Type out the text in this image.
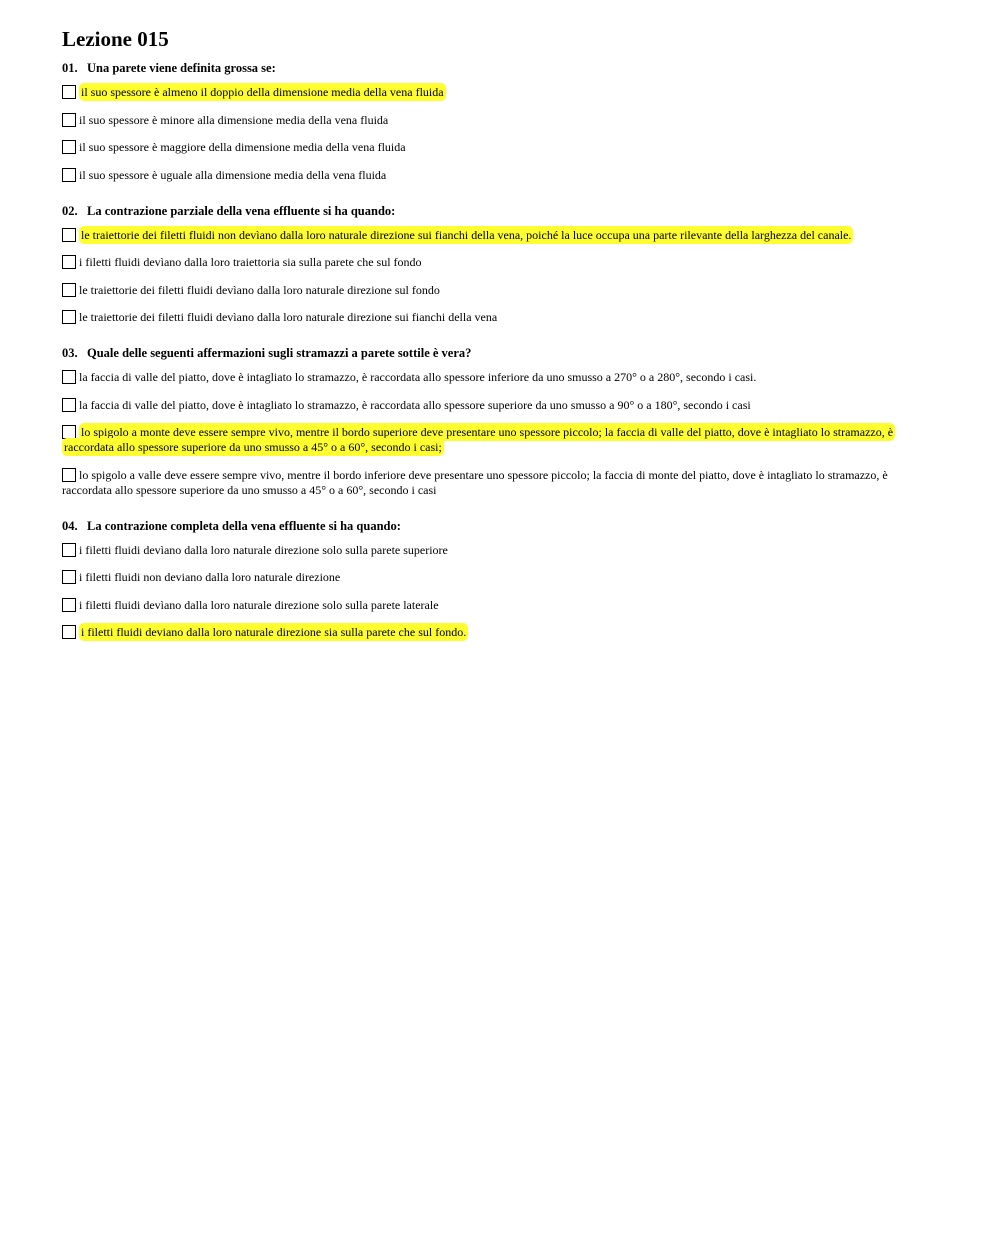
Lezione 015
01. Una parete viene definita grossa se:
il suo spessore è almeno il doppio della dimensione media della vena fluida
il suo spessore è minore alla dimensione media della vena fluida
il suo spessore è maggiore della dimensione media della vena fluida
il suo spessore è uguale alla dimensione media della vena fluida
02. La contrazione parziale della vena effluente si ha quando:
le traiettorie dei filetti fluidi non devìano dalla loro naturale direzione sui fianchi della vena, poiché la luce occupa una parte rilevante della larghezza del canale.
i filetti fluidi devìano dalla loro traiettoria sia sulla parete che sul fondo
le traiettorie dei filetti fluidi devìano dalla loro naturale direzione sul fondo
le traiettorie dei filetti fluidi devìano dalla loro naturale direzione sui fianchi della vena
03. Quale delle seguenti affermazioni sugli stramazzi a parete sottile è vera?
la faccia di valle del piatto, dove è intagliato lo stramazzo, è raccordata allo spessore inferiore da uno smusso a 270° o a 280°, secondo i casi.
la faccia di valle del piatto, dove è intagliato lo stramazzo, è raccordata allo spessore superiore da uno smusso a 90° o a 180°, secondo i casi
lo spigolo a monte deve essere sempre vivo, mentre il bordo superiore deve presentare uno spessore piccolo; la faccia di valle del piatto, dove è intagliato lo stramazzo, è raccordata allo spessore superiore da uno smusso a 45° o a 60°, secondo i casi;
lo spigolo a valle deve essere sempre vivo, mentre il bordo inferiore deve presentare uno spessore piccolo; la faccia di monte del piatto, dove è intagliato lo stramazzo, è raccordata allo spessore superiore da uno smusso a 45° o a 60°, secondo i casi
04. La contrazione completa della vena effluente si ha quando:
i filetti fluidi devìano dalla loro naturale direzione solo sulla parete superiore
i filetti fluidi non deviano dalla loro naturale direzione
i filetti fluidi devìano dalla loro naturale direzione solo sulla parete laterale
i filetti fluidi deviano dalla loro naturale direzione sia sulla parete che sul fondo.
